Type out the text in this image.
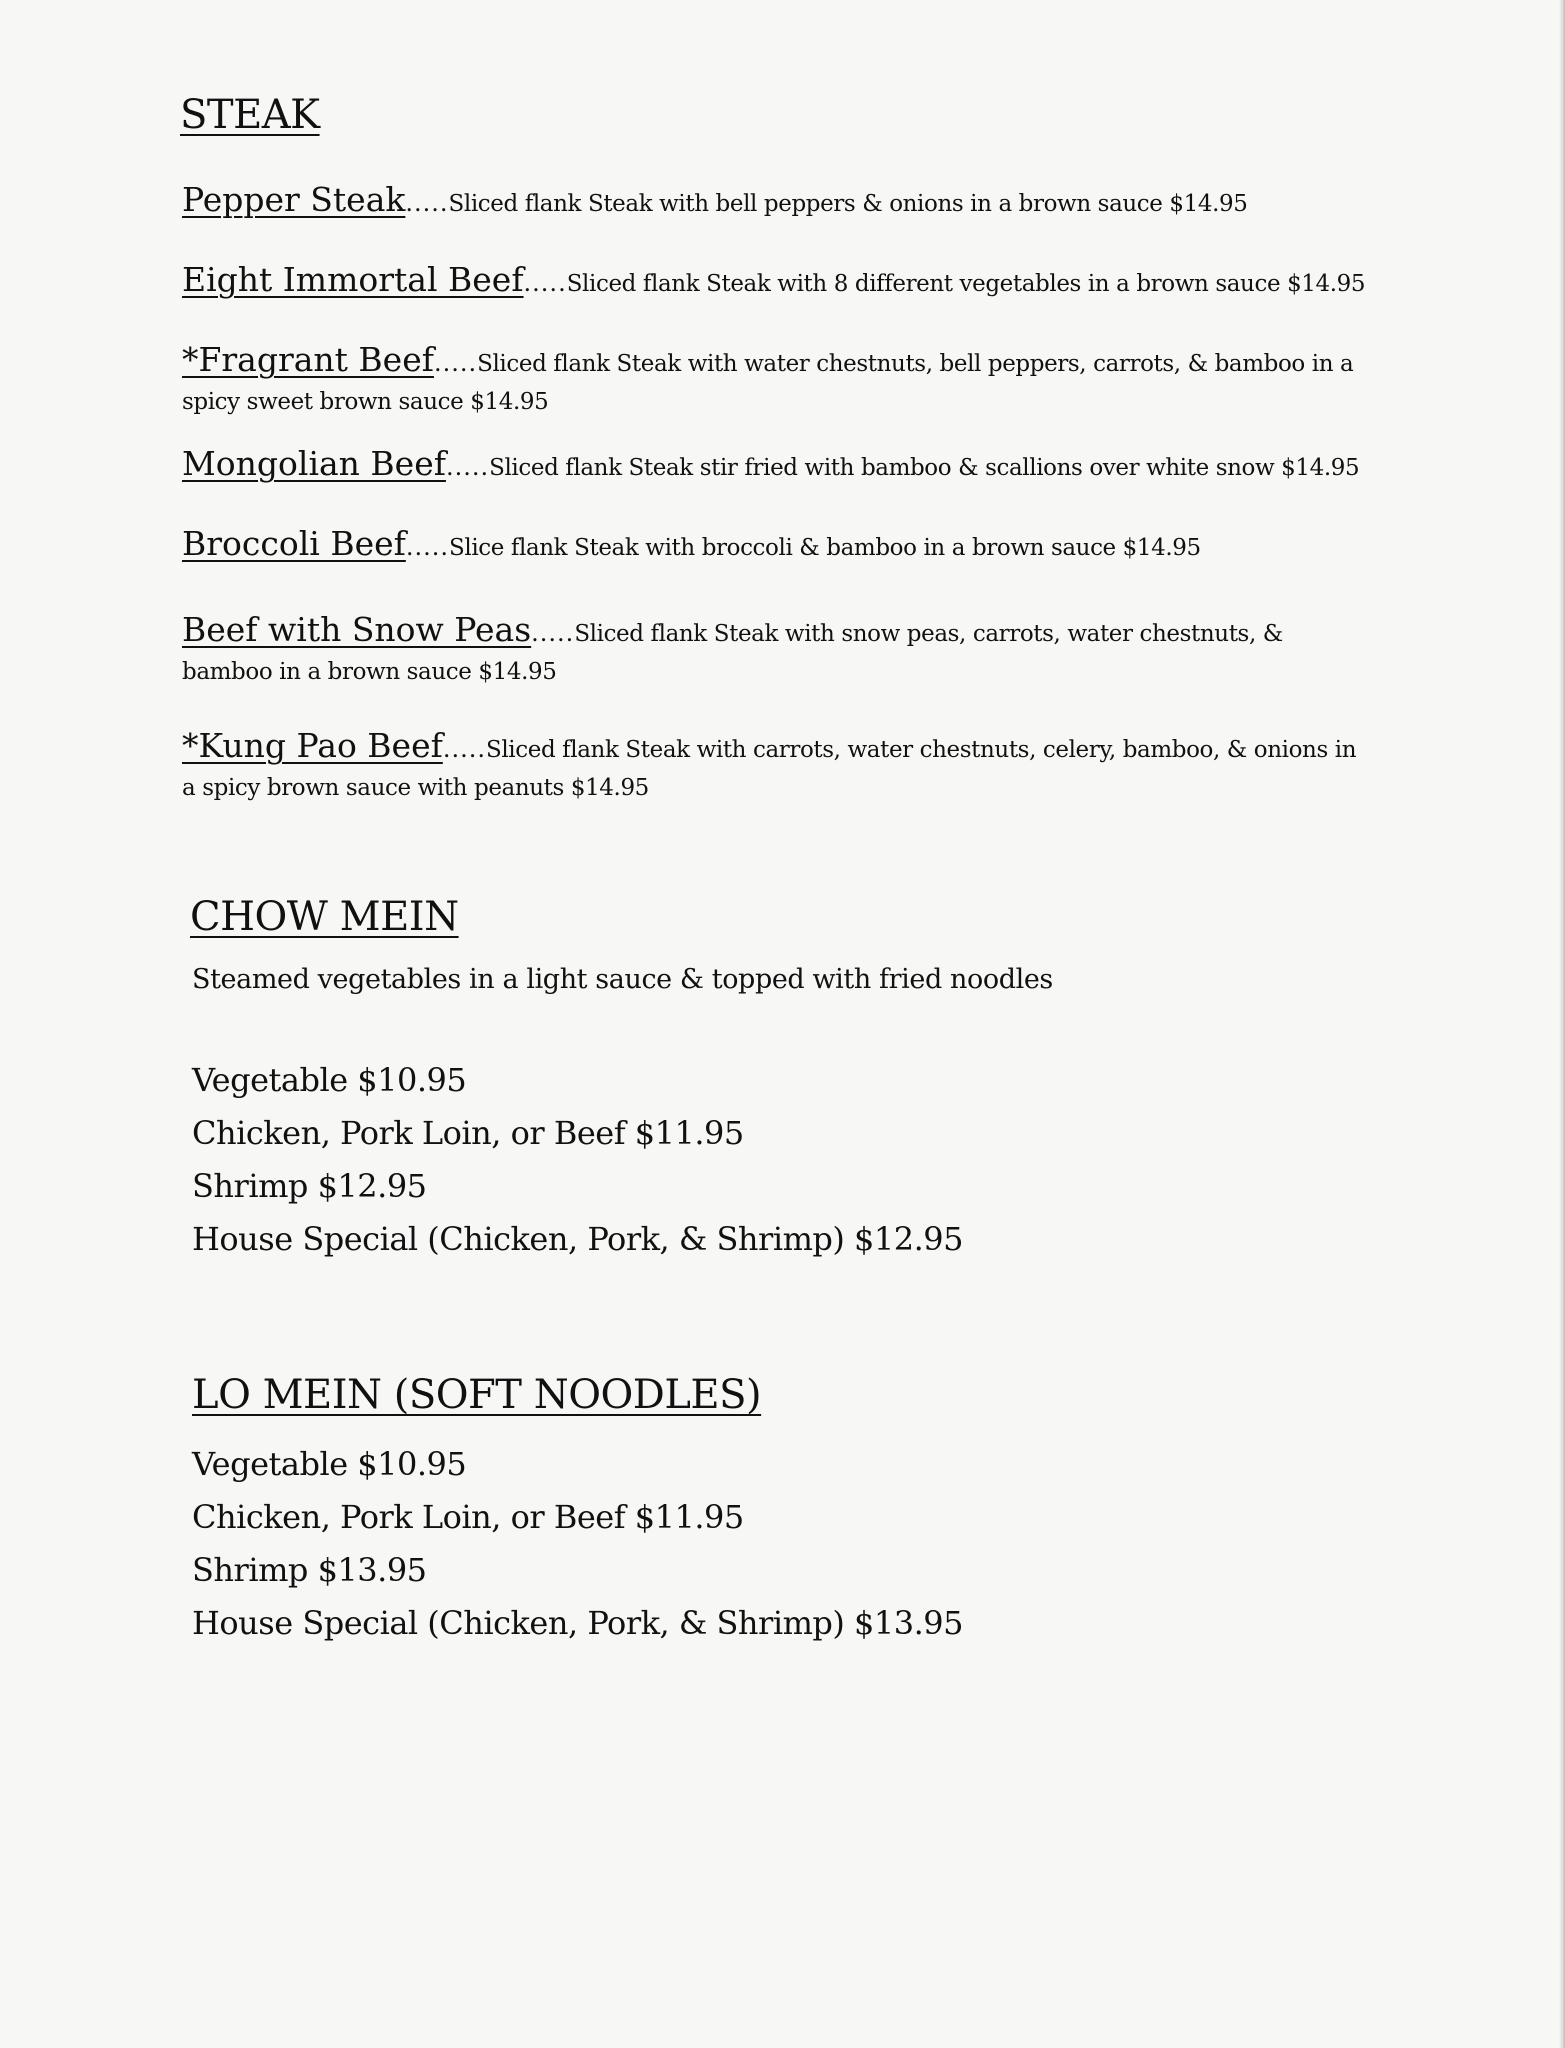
STEAK

Pepper Steak.....Sliced flank Steak with bell peppers & onions in a brown sauce $14.95

Eight Immortal Beef.....Sliced flank Steak with 8 different vegetables in a brown sauce $14.95

*Fragrant Beef.....Sliced flank Steak with water chestnuts, bell peppers, carrots, & bamboo in a spicy sweet brown sauce $14.95

Mongolian Beef.....Sliced flank Steak stir fried with bamboo & scallions over white snow $14.95

Broccoli Beef.....Slice flank Steak with broccoli & bamboo in a brown sauce $14.95

Beef with Snow Peas.....Sliced flank Steak with snow peas, carrots, water chestnuts, & bamboo in a brown sauce $14.95

*Kung Pao Beef.....Sliced flank Steak with carrots, water chestnuts, celery, bamboo, & onions in a spicy brown sauce with peanuts $14.95

CHOW MEIN

Steamed vegetables in a light sauce & topped with fried noodles

Vegetable $10.95
Chicken, Pork Loin, or Beef $11.95
Shrimp $12.95
House Special (Chicken, Pork, & Shrimp) $12.95
LO MEIN (SOFT NOODLES)
Vegetable $10.95
Chicken, Pork Loin, or Beef $11.95
Shrimp $13.95
House Special (Chicken, Pork, & Shrimp) $13.95
